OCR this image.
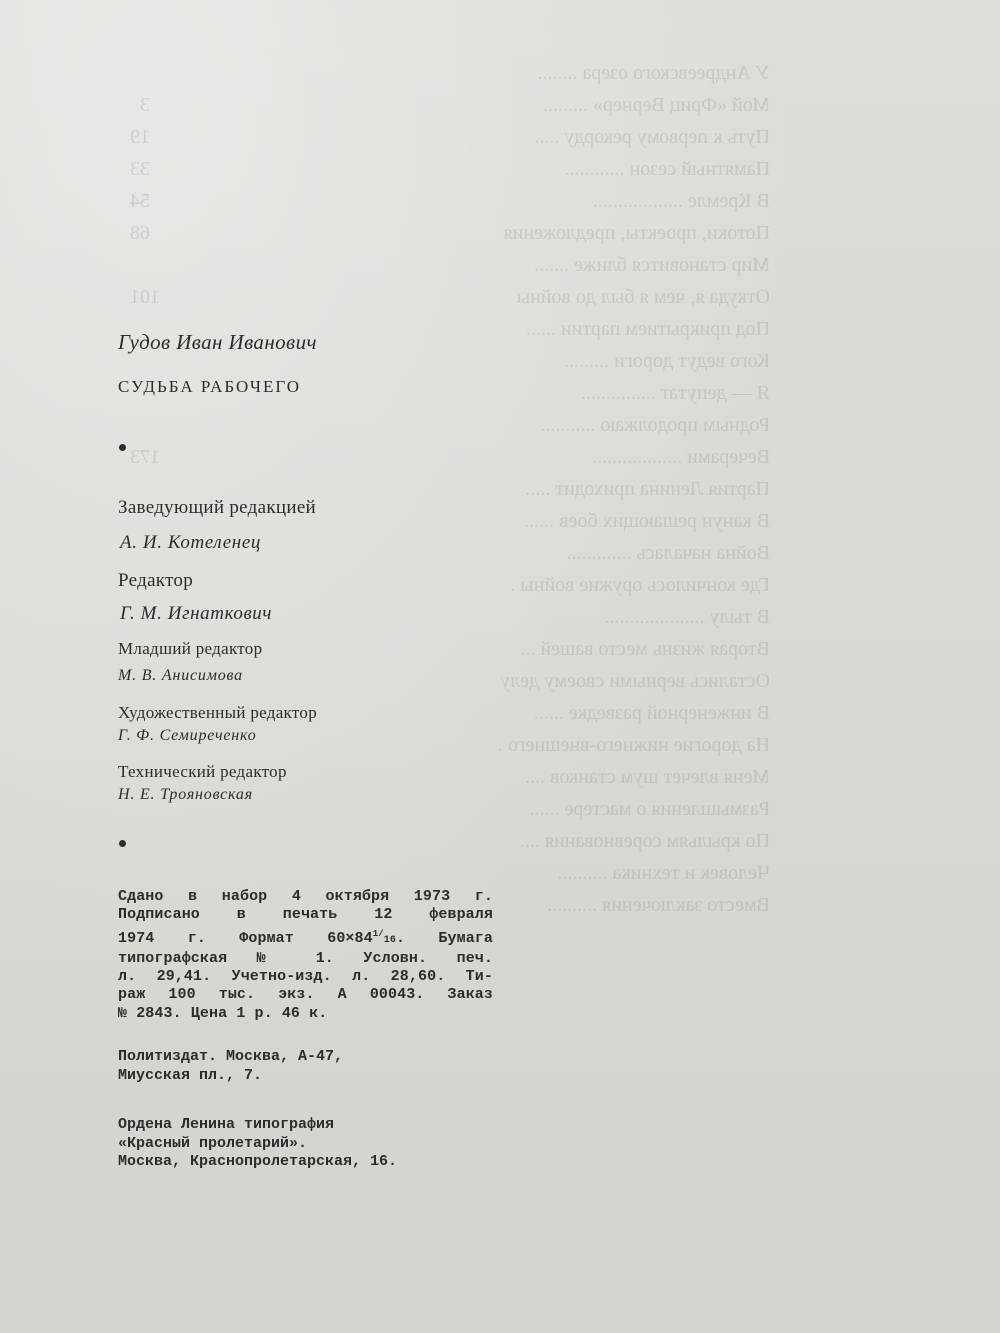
У Андреевского озера ........
Мой «Фриц Вернер» .........
Путь к первому рекорду .....
Памятный сезон ............
В Кремле ..................
Потоки, проекты, предложения
Мир становится ближе .......
Откуда я, чем я был до войны
Под прикрытием партии ......
Кого ведут дороги .........
Я — депутат ...............
Родным продолжаю ...........
Вечерами ..................
Партия Ленина приходит .....
В канун решающих боев ......
Война началась .............
Где кончилось оружие войны .
В тылу ....................
Вторая жизнь место вашей ...
Остались верными своему делу
В инженерной разведке ......
На дорогие нижнего-внешнего .
Меня влечет шум станков ....
Размышления о мастере ......
По крыльям соревнования ....
Человек и техника ..........
Вместо заключения ..........
3
19
33
54
68
101
173
Гудов Иван Иванович
СУДЬБА РАБОЧЕГО
Заведующий редакцией
А. И. Котеленец
Редактор
Г. М. Игнаткович
Младший редактор
М. В. Анисимова
Художественный редактор
Г. Ф. Семиреченко
Технический редактор
Н. Е. Трояновская
Сдано в набор 4 октября 1973 г.
Подписано в печать 12 февраля
1974 г. Формат $60\times 84^{1/}16$. Бумага
типографская № 1. Условн. печ.
л. 29,41. Учетно-изд. л. 28,60. Ти-
раж 100 тыс. экз. А 00043. Заказ
№ 2843. Цена 1 р. 46 к.
Политиздат. Москва, А-47,
Миусская пл., 7.
Ордена Ленина типография
«Красный пролетарий».
Москва, Краснопролетарская, 16.
